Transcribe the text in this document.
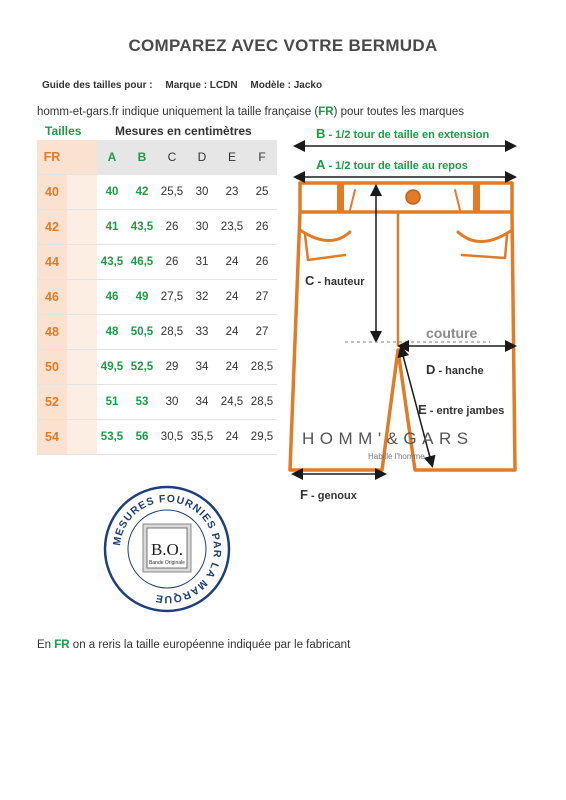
COMPAREZ AVEC VOTRE BERMUDA
Guide des tailles pour : Marque : LCDN Modèle : Jacko
homm-et-gars.fr indique uniquement la taille française (FR) pour toutes les marques
Tailles	Mesures en centimètres
FR		A	B	C	D	E	F
40		40	42	25,5	30	23	25
42		41	43,5	26	30	23,5	26
44		43,5	46,5	26	31	24	26
46		46	49	27,5	32	24	27
48		48	50,5	28,5	33	24	27
50		49,5	52,5	29	34	24	28,5
52		51	53	30	34	24,5	28,5
54		53,5	56	30,5	35,5	24	29,5
B - 1/2 tour de taille en extension
A - 1/2 tour de taille au repos
C - hauteur
D - hanche
E - entre jambes
F - genoux
couture
HOMM'&GARS
Habille l'homme
MESURES FOURNIES PAR LA MARQUE
B.O.
Bande Originale
En FR on a reris la taille européenne indiquée par le fabricant
